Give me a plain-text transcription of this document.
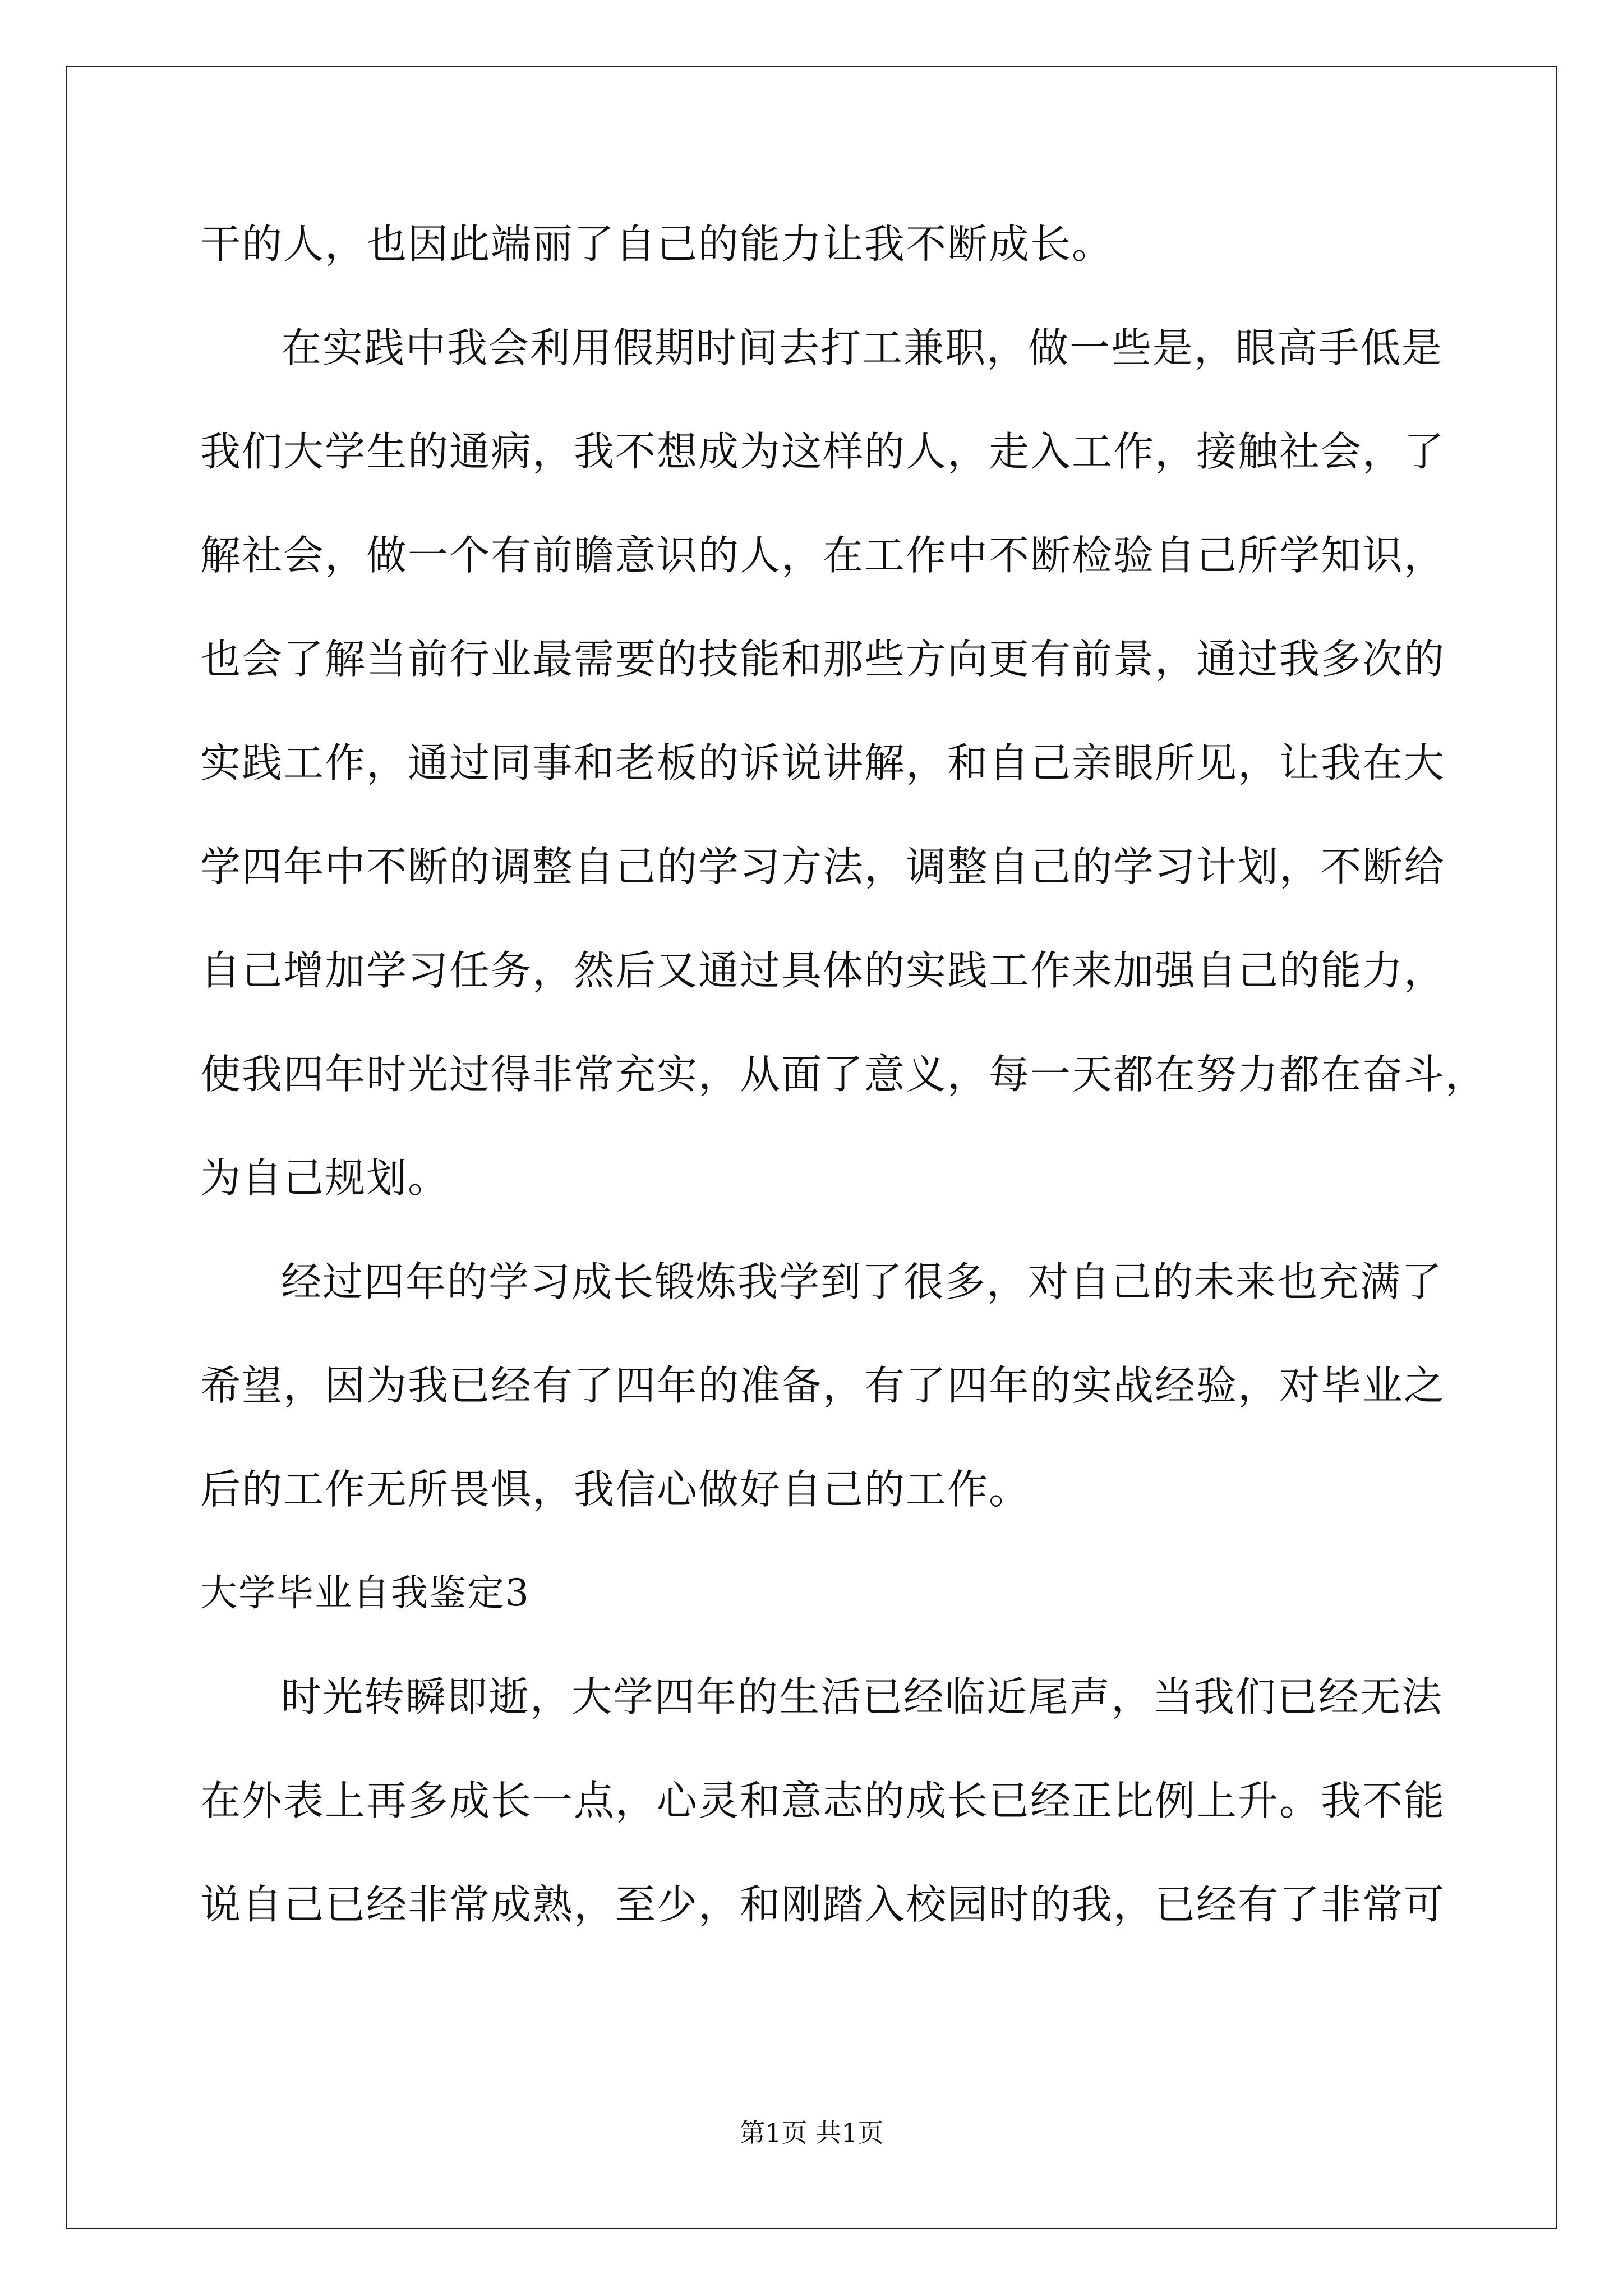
干的人，也因此端丽了自己的能力让我不断成长。
在实践中我会利用假期时间去打工兼职，做一些是，眼高手低是
我们大学生的通病，我不想成为这样的人，走入工作，接触社会，了
解社会，做一个有前瞻意识的人，在工作中不断检验自己所学知识，
也会了解当前行业最需要的技能和那些方向更有前景，通过我多次的
实践工作，通过同事和老板的诉说讲解，和自己亲眼所见，让我在大
学四年中不断的调整自己的学习方法，调整自己的学习计划，不断给
自己增加学习任务，然后又通过具体的实践工作来加强自己的能力，
使我四年时光过得非常充实，从面了意义，每一天都在努力都在奋斗，
为自己规划。
经过四年的学习成长锻炼我学到了很多，对自己的未来也充满了
希望，因为我已经有了四年的准备，有了四年的实战经验，对毕业之
后的工作无所畏惧，我信心做好自己的工作。
大学毕业自我鉴定3
时光转瞬即逝，大学四年的生活已经临近尾声，当我们已经无法
在外表上再多成长一点，心灵和意志的成长已经正比例上升。我不能
说自己已经非常成熟，至少，和刚踏入校园时的我，已经有了非常可
第1页 共1页
